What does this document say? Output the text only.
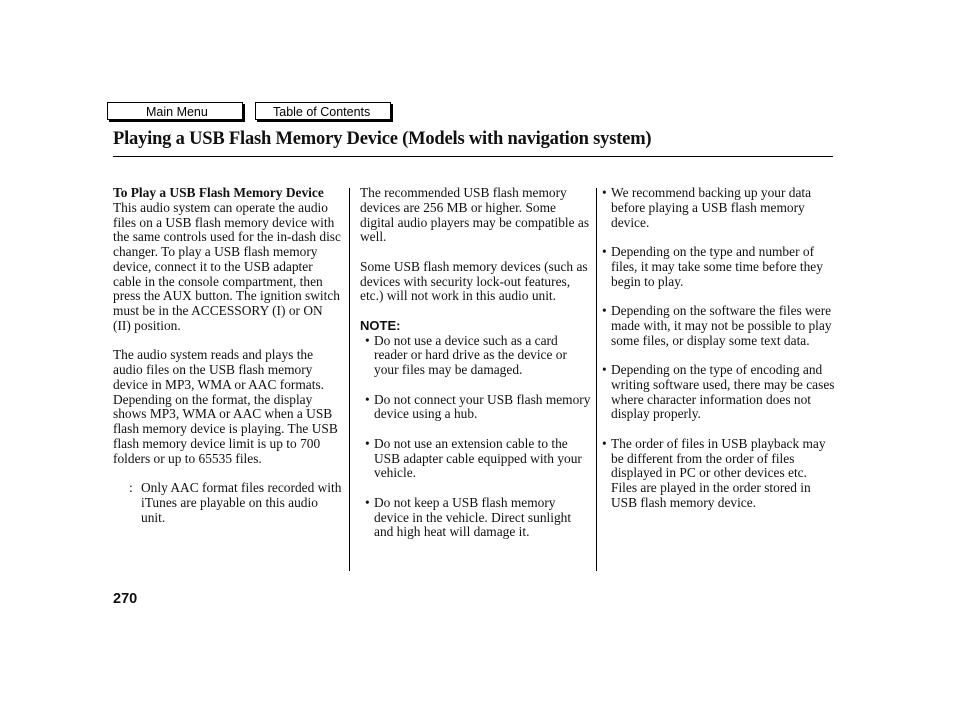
Main Menu	Table of Contents
Playing a USB Flash Memory Device (Models with navigation system)

To Play a USB Flash Memory Device

This audio system can operate the audio files on a USB flash memory device with the same controls used for the in-dash disc changer. To play a USB flash memory device, connect it to the USB adapter cable in the console compartment, then press the AUX button. The ignition switch must be in the ACCESSORY (I) or ON (II) position.

The audio system reads and plays the audio files on the USB flash memory device in MP3, WMA or AAC formats. Depending on the format, the display shows MP3, WMA or AAC when a USB flash memory device is playing. The USB flash memory device limit is up to 700 folders or up to 65535 files.

: Only AAC format files recorded with iTunes are playable on this audio unit.

The recommended USB flash memory devices are 256 MB or higher. Some digital audio players may be compatible as well.

Some USB flash memory devices (such as devices with security lock-out features, etc.) will not work in this audio unit.

NOTE:

• Do not use a device such as a card reader or hard drive as the device or your files may be damaged.

• Do not connect your USB flash memory device using a hub.

• Do not use an extension cable to the USB adapter cable equipped with your vehicle.

• Do not keep a USB flash memory device in the vehicle. Direct sunlight and high heat will damage it.

• We recommend backing up your data before playing a USB flash memory device.

• Depending on the type and number of files, it may take some time before they begin to play.

• Depending on the software the files were made with, it may not be possible to play some files, or display some text data.

• Depending on the type of encoding and writing software used, there may be cases where character information does not display properly.

• The order of files in USB playback may be different from the order of files displayed in PC or other devices etc. Files are played in the order stored in USB flash memory device.

270
